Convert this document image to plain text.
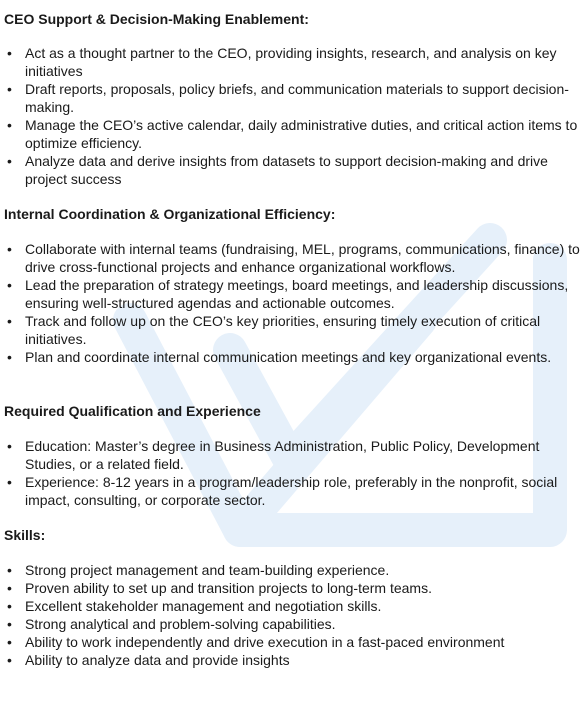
CEO Support & Decision-Making Enablement:
• Act as a thought partner to the CEO, providing insights, research, and analysis on key initiatives
• Draft reports, proposals, policy briefs, and communication materials to support decision-making.
• Manage the CEO’s active calendar, daily administrative duties, and critical action items to optimize efficiency.
• Analyze data and derive insights from datasets to support decision-making and drive project success
Internal Coordination & Organizational Efficiency:
• Collaborate with internal teams (fundraising, MEL, programs, communications, finance) to drive cross-functional projects and enhance organizational workflows.
• Lead the preparation of strategy meetings, board meetings, and leadership discussions, ensuring well-structured agendas and actionable outcomes.
• Track and follow up on the CEO’s key priorities, ensuring timely execution of critical initiatives.
• Plan and coordinate internal communication meetings and key organizational events.
Required Qualification and Experience
• Education: Master’s degree in Business Administration, Public Policy, Development Studies, or a related field.
• Experience: 8-12 years in a program/leadership role, preferably in the nonprofit, social impact, consulting, or corporate sector.
Skills:
• Strong project management and team-building experience.
• Proven ability to set up and transition projects to long-term teams.
• Excellent stakeholder management and negotiation skills.
• Strong analytical and problem-solving capabilities.
• Ability to work independently and drive execution in a fast-paced environment
• Ability to analyze data and provide insights
